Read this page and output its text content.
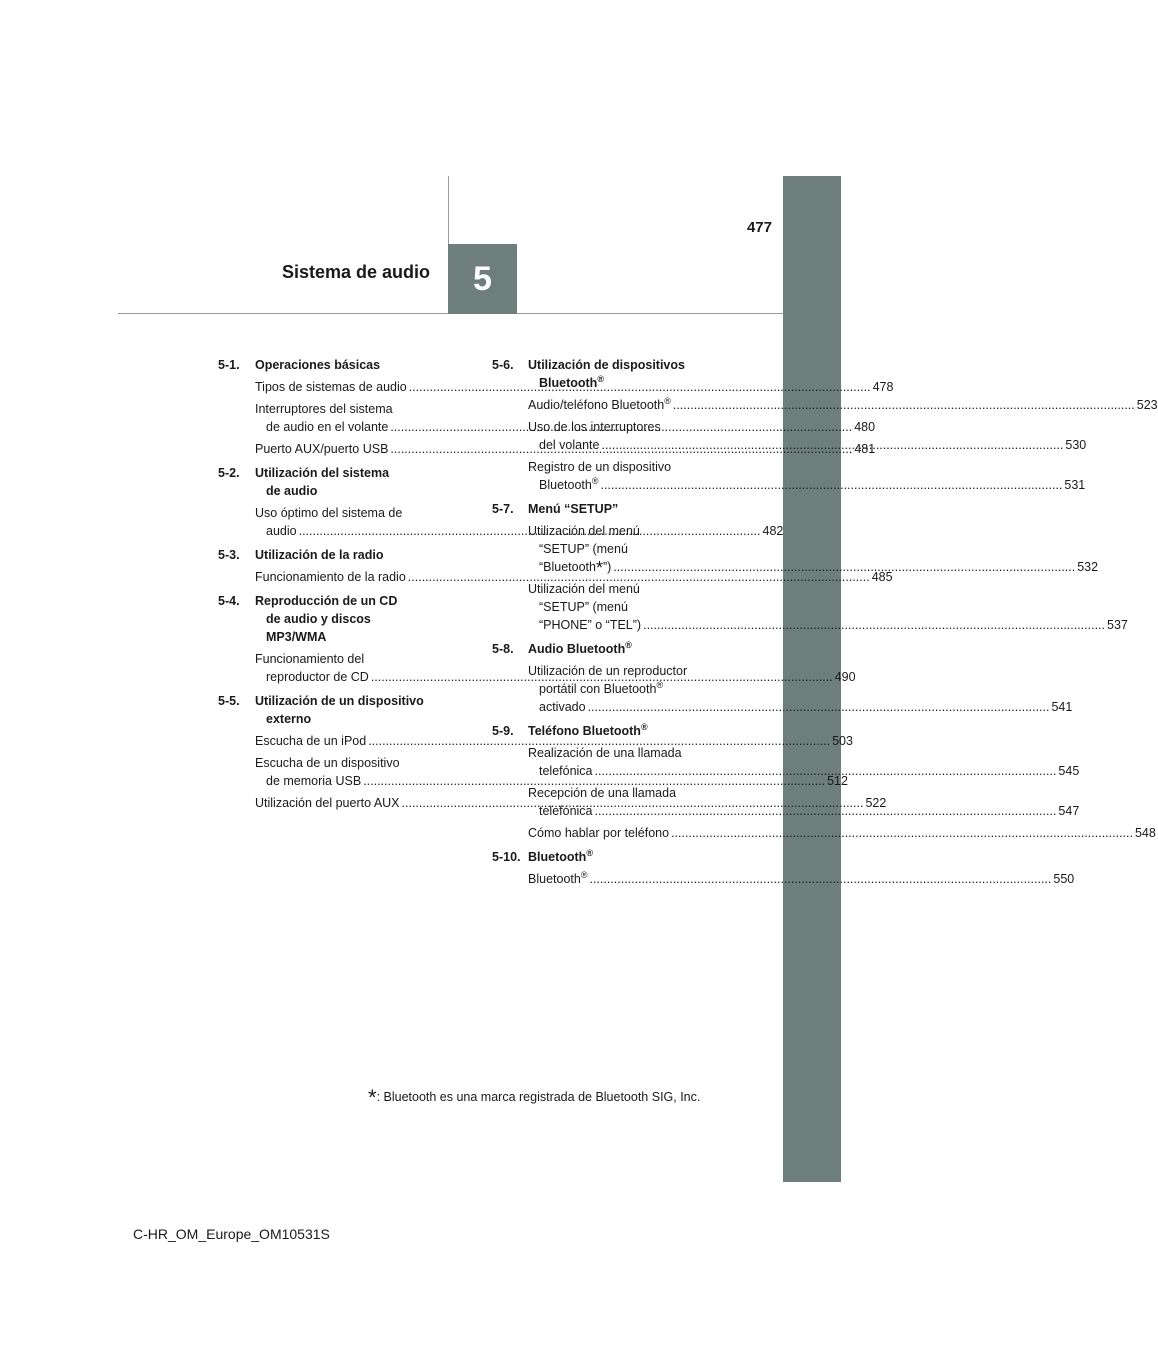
5
Sistema de audio
477
5-1.	Operaciones básicas
Tipos de sistemas de audio .....	478
Interruptores del sistema
de audio en el volante .....	480
Puerto AUX/puerto USB .....	481
5-2.	Utilización del sistema
de audio
Uso óptimo del sistema de
audio .....	482
5-3.	Utilización de la radio
Funcionamiento de la radio .....	485
5-4.	Reproducción de un CD
de audio y discos MP3/WMA
Funcionamiento del
reproductor de CD .....	490
5-5.	Utilización de un dispositivo
externo
Escucha de un iPod .....	503
Escucha de un dispositivo
de memoria USB .....	512
Utilización del puerto AUX .....	522
5-6.	Utilización de dispositivos
Bluetooth®
Audio/teléfono Bluetooth® .....	523
Uso de los interruptores
del volante .....	530
Registro de un dispositivo
Bluetooth® .....	531
5-7.	Menú “SETUP”
Utilización del menú
“SETUP” (menú
“Bluetooth*”) .....	532
Utilización del menú
“SETUP” (menú
“PHONE” o “TEL”) .....	537
5-8.	Audio Bluetooth®
Utilización de un reproductor
portátil con Bluetooth®
activado .....	541
5-9.	Teléfono Bluetooth®
Realización de una llamada
telefónica .....	545
Recepción de una llamada
telefónica .....	547
Cómo hablar por teléfono .....	548
5-10. Bluetooth®
Bluetooth® .....	550
*: Bluetooth es una marca registrada de Bluetooth SIG, Inc.
C-HR_OM_Europe_OM10531S
